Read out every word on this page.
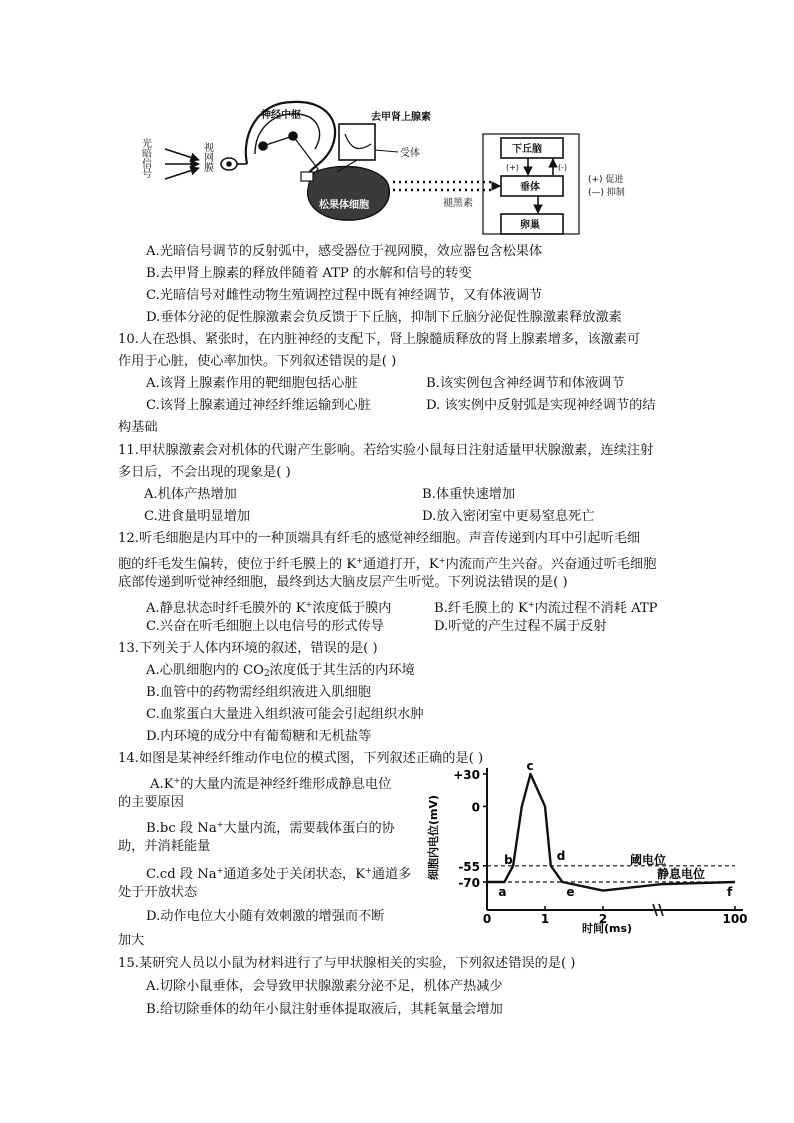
光暗信号	视网膜
神经中枢	去甲肾上腺素
受体
松果体细胞	褪黑素
下丘脑
垂体
卵巢
(+)	(-)
(+) 促进
(—) 抑制
A.光暗信号调节的反射弧中，感受器位于视网膜，效应器包含松果体
B.去甲肾上腺素的释放伴随着 ATP 的水解和信号的转变
C.光暗信号对雌性动物生殖调控过程中既有神经调节，又有体液调节
D.垂体分泌的促性腺激素会负反馈于下丘脑，抑制下丘脑分泌促性腺激素释放激素
10.人在恐惧、紧张时，在内脏神经的支配下，肾上腺髓质释放的肾上腺素增多，该激素可
作用于心脏，使心率加快。下列叙述错误的是( )
A.该肾上腺素作用的靶细胞包括心脏	B.该实例包含神经调节和体液调节
C.该肾上腺素通过神经纤维运输到心脏	D. 该实例中反射弧是实现神经调节的结
构基础
11.甲状腺激素会对机体的代谢产生影响。若给实验小鼠每日注射适量甲状腺激素，连续注射
多日后，不会出现的现象是( )
A.机体产热增加	B.体重快速增加
C.进食量明显增加	D.放入密闭室中更易窒息死亡
12.听毛细胞是内耳中的一种顶端具有纤毛的感觉神经细胞。声音传递到内耳中引起听毛细
胞的纤毛发生偏转，使位于纤毛膜上的 K+通道打开，K+内流而产生兴奋。兴奋通过听毛细胞
底部传递到听觉神经细胞，最终到达大脑皮层产生听觉。下列说法错误的是( )
A.静息状态时纤毛膜外的 K+浓度低于膜内	B.纤毛膜上的 K+内流过程不消耗 ATP
C.兴奋在听毛细胞上以电信号的形式传导	D.听觉的产生过程不属于反射
13.下列关于人体内环境的叙述，错误的是( )
A.心肌细胞内的 $CO_2$浓度低于其生活的内环境
B.血管中的药物需经组织液进入肌细胞
C.血浆蛋白大量进入组织液可能会引起组织水肿
D.内环境的成分中有葡萄糖和无机盐等
14.如图是某神经纤维动作电位的模式图，下列叙述正确的是( )
A.K+的大量内流是神经纤维形成静息电位
的主要原因
B.bc 段 Na+大量内流，需要载体蛋白的协
助，并消耗能量
C.cd 段 Na+通道多处于关闭状态，K+通道多
处于开放状态
D.动作电位大小随有效刺激的增强而不断
加大
细胞内电位(mV)
时间(ms)
阈电位
静息电位
+30
0
-55
-70
0	1	2	100
a
b
c
d
e	f
15.某研究人员以小鼠为材料进行了与甲状腺相关的实验，下列叙述错误的是( )
A.切除小鼠垂体，会导致甲状腺激素分泌不足，机体产热减少
B.给切除垂体的幼年小鼠注射垂体提取液后，其耗氧量会增加
